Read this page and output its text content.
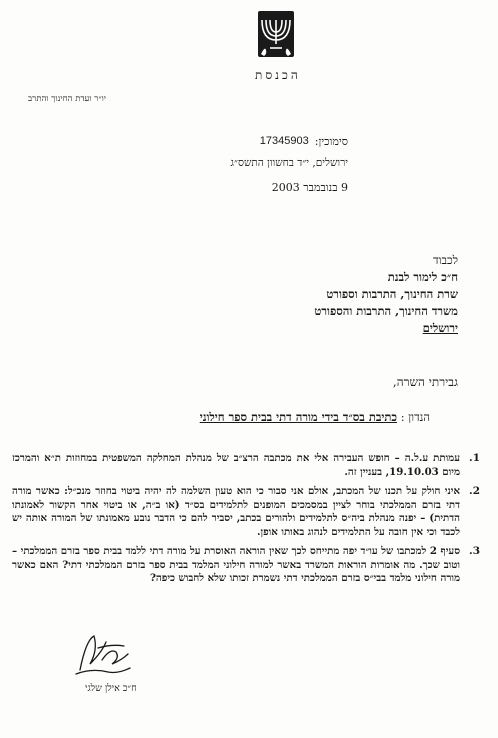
הכנסת
יו״ר ועדת החינוך והתרב
סימוכין:
17345903
ירושלים, י״ד בחשוון התשס״ג
9 בנובמבר 2003
לכבוד
ח״כ לימור לבנת
שרת החינוך, התרבות וספורט
משרד החינוך, התרבות והספורט
ירושלים
גבירתי השרה,
הנדון : כתיבת בס״ד בידי מורה דתי בבית ספר חילוני
1.
עמותת ע.ל.ה – חופש העבירה אלי את מכתבה הרצ״ב של מנהלת המחלקה המשפטית במחוזות ת״א והמרכז מיום 19.10.03, בעניין זה.
2.
איני חולק על תכנו של המכתב, אולם אני סבור כי הוא טעון השלמה לה יהיה ביטוי בחוזר מנכ״ל: כאשר מורה דתי בזרם הממלכתי בוחר לציין במסמכים המופנים לתלמידים בס״ד (או ב״ה, או ביטוי אחר הקשור לאמונתו הדתית) – יפנה מנהלת ביה״ס לתלמידים ולהורים בכתב, יסביר להם כי הדבר נובע מאמונתו של המורה אותה יש לכבד וכי אין חובה על התלמידים לנהוג באותו אופן.
3.
סעיף 2 למכתבו של עו״ד יפה מתייחס לכך שאין הוראה האוסרת על מורה דתי ללמד בבית ספר בזרם הממלכתי – וטוב שכך. מה אומרות הוראות המשרד באשר למורה חילוני המלמד בבית ספר בזרם הממלכתי דתי? האם כאשר מורה חילוני מלמד בבי״ס בזרם הממלכתי דתי נשמרת זכותו שלא לחבוש כיפה?
ח״כ אילן שלגי
